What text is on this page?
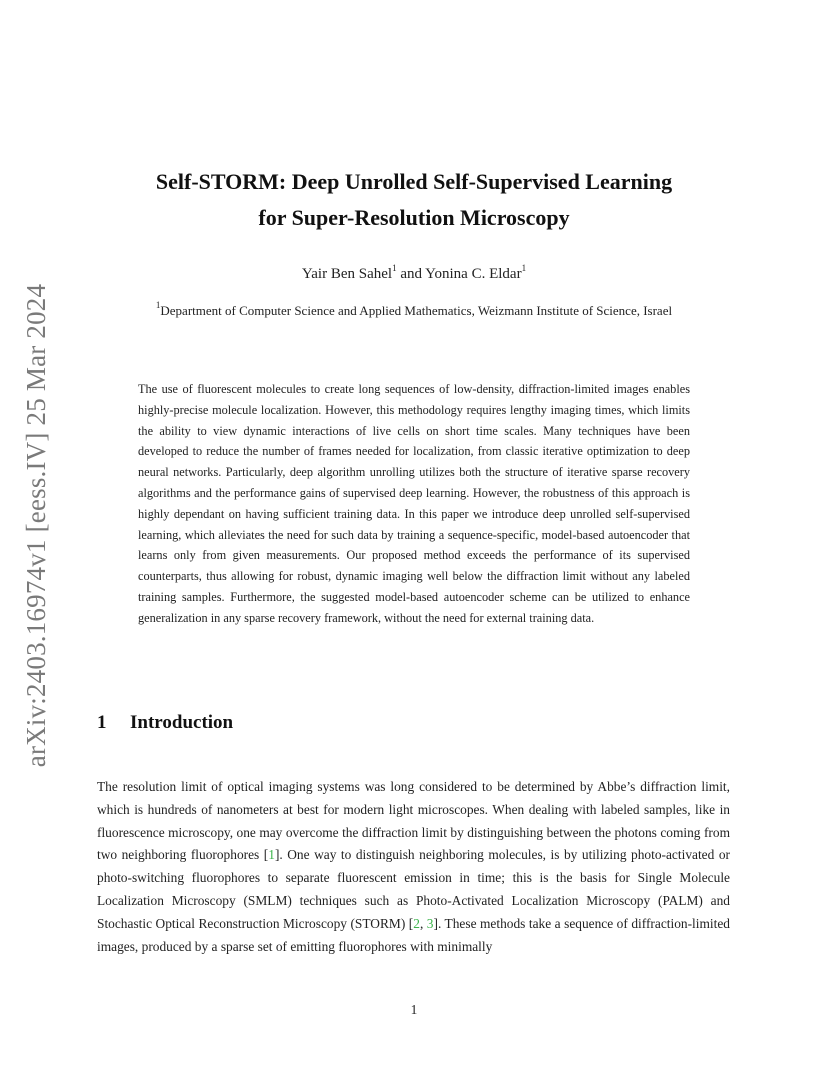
arXiv:2403.16974v1 [eess.IV] 25 Mar 2024
Self-STORM: Deep Unrolled Self-Supervised Learning
for Super-Resolution Microscopy
Yair Ben Sahel$^1$ and Yonina C. Eldar$^1$
$^1$Department of Computer Science and Applied Mathematics, Weizmann Institute of Science, Israel
The use of fluorescent molecules to create long sequences of low-density, diffraction-limited images enables highly-precise molecule localization. However, this methodology requires lengthy imaging times, which limits the ability to view dynamic interactions of live cells on short time scales. Many techniques have been developed to reduce the number of frames needed for localization, from classic iterative optimization to deep neural networks. Particularly, deep algorithm unrolling utilizes both the structure of iterative sparse recovery algorithms and the performance gains of supervised deep learning. However, the robustness of this approach is highly dependant on having sufficient training data. In this paper we introduce deep unrolled self-supervised learning, which alleviates the need for such data by training a sequence-specific, model-based autoencoder that learns only from given measurements. Our proposed method exceeds the performance of its supervised counterparts, thus allowing for robust, dynamic imaging well below the diffraction limit without any labeled training samples. Furthermore, the suggested model-based autoencoder scheme can be utilized to enhance generalization in any sparse recovery framework, without the need for external training data.
1 Introduction

The resolution limit of optical imaging systems was long considered to be determined by Abbe’s diffraction limit, which is hundreds of nanometers at best for modern light microscopes. When dealing with labeled samples, like in fluorescence microscopy, one may overcome the diffraction limit by distinguishing between the photons coming from two neighboring fluorophores [1]. One way to distinguish neighboring molecules, is by utilizing photo-activated or photo-switching fluorophores to separate fluorescent emission in time; this is the basis for Single Molecule Localization Microscopy (SMLM) techniques such as Photo-Activated Localization Microscopy (PALM) and Stochastic Optical Reconstruction Microscopy (STORM) [2, 3]. These methods take a sequence of diffraction-limited images, produced by a sparse set of emitting fluorophores with minimally

1
